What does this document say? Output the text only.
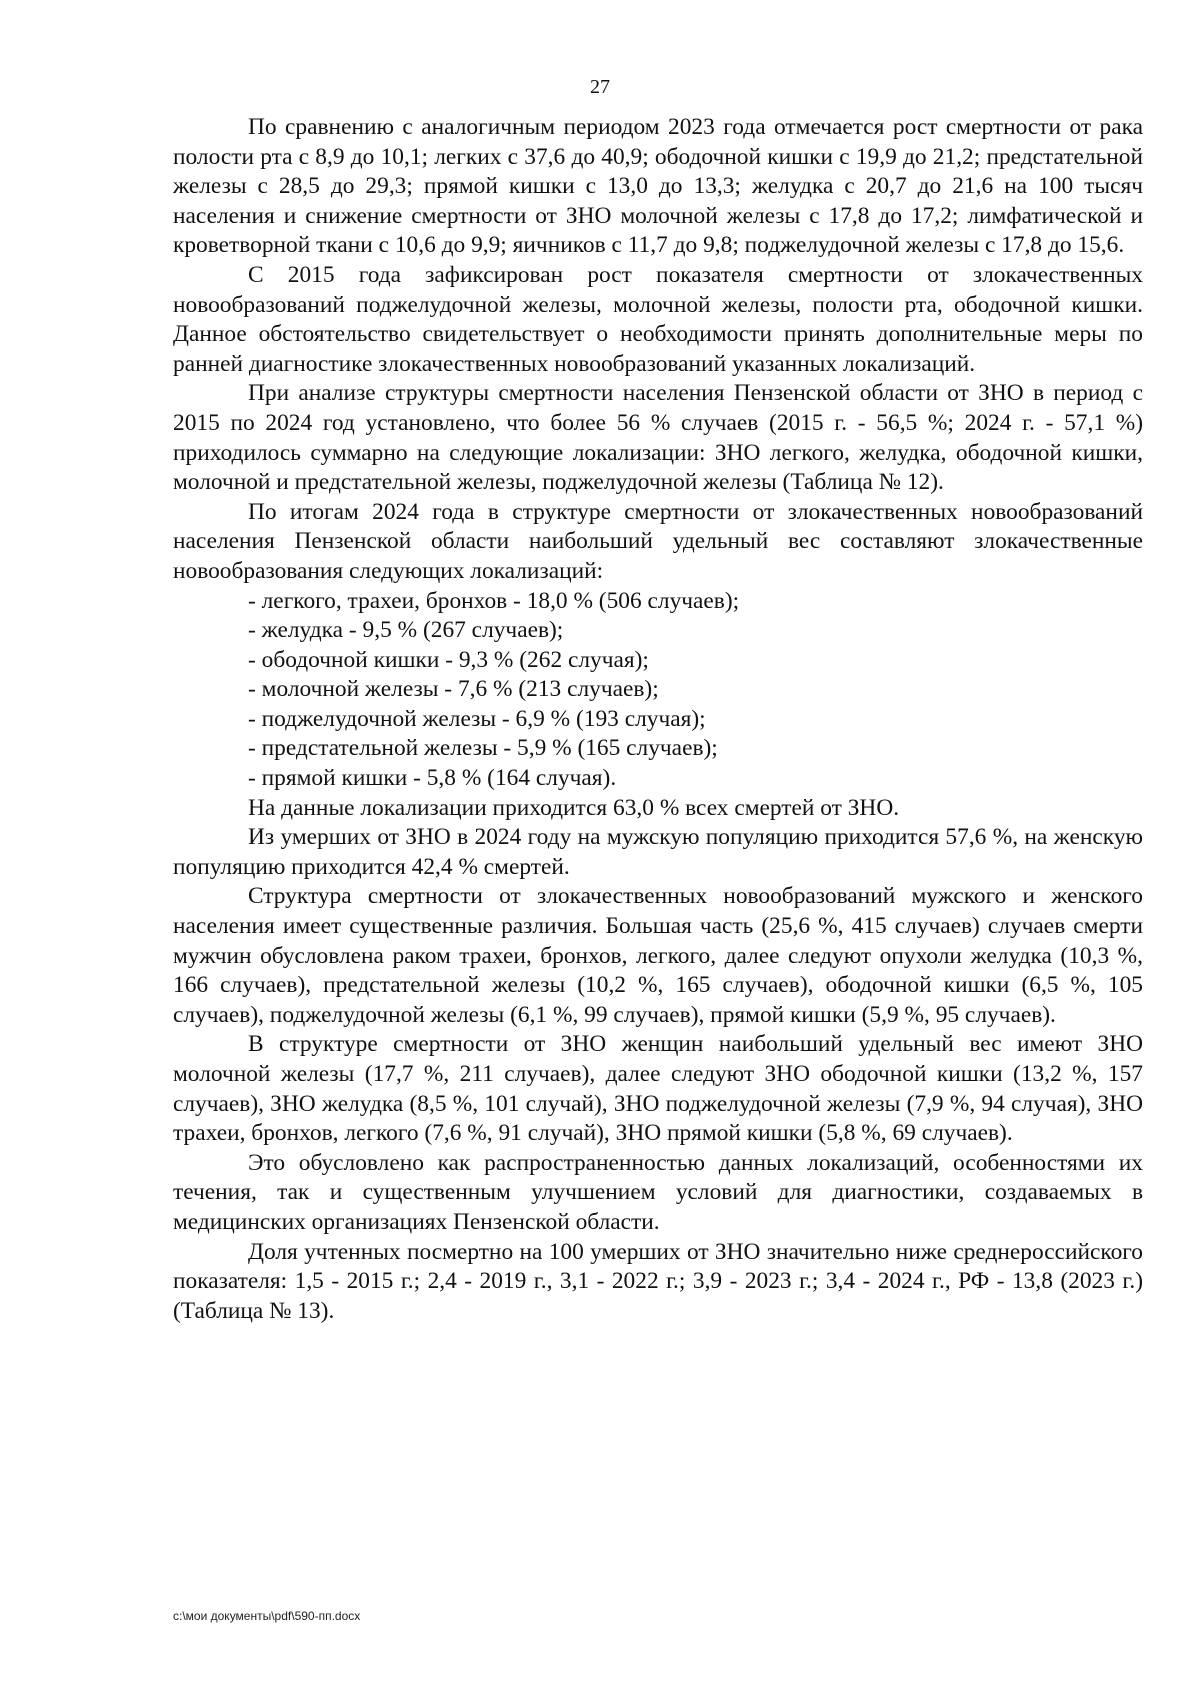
27

По сравнению с аналогичным периодом 2023 года отмечается рост смертности от рака полости рта с 8,9 до 10,1; легких с 37,6 до 40,9; ободочной кишки с 19,9 до 21,2; предстательной железы с 28,5 до 29,3; прямой кишки с 13,0 до 13,3; желудка с 20,7 до 21,6 на 100 тысяч населения и снижение смертности от ЗНО молочной железы с 17,8 до 17,2; лимфатической и кроветворной ткани с 10,6 до 9,9; яичников с 11,7 до 9,8; поджелудочной железы с 17,8 до 15,6.

С 2015 года зафиксирован рост показателя смертности от злокачественных новообразований поджелудочной железы, молочной железы, полости рта, ободочной кишки. Данное обстоятельство свидетельствует о необходимости принять дополнительные меры по ранней диагностике злокачественных новообразований указанных локализаций.

При анализе структуры смертности населения Пензенской области от ЗНО в период с 2015 по 2024 год установлено, что более 56 % случаев (2015 г. - 56,5 %; 2024 г. - 57,1 %) приходилось суммарно на следующие локализации: ЗНО легкого, желудка, ободочной кишки, молочной и предстательной железы, поджелудочной железы (Таблица № 12).

По итогам 2024 года в структуре смертности от злокачественных новообразований населения Пензенской области наибольший удельный вес составляют злокачественные новообразования следующих локализаций:

- легкого, трахеи, бронхов - 18,0 % (506 случаев);
- желудка - 9,5 % (267 случаев);
- ободочной кишки - 9,3 % (262 случая);
- молочной железы - 7,6 % (213 случаев);
- поджелудочной железы - 6,9 % (193 случая);
- предстательной железы - 5,9 % (165 случаев);
- прямой кишки - 5,8 % (164 случая).

На данные локализации приходится 63,0 % всех смертей от ЗНО.

Из умерших от ЗНО в 2024 году на мужскую популяцию приходится 57,6 %, на женскую популяцию приходится 42,4 % смертей.

Структура смертности от злокачественных новообразований мужского и женского населения имеет существенные различия. Большая часть (25,6 %, 415 случаев) случаев смерти мужчин обусловлена раком трахеи, бронхов, легкого, далее следуют опухоли желудка (10,3 %, 166 случаев), предстательной железы (10,2 %, 165 случаев), ободочной кишки (6,5 %, 105 случаев), поджелудочной железы (6,1 %, 99 случаев), прямой кишки (5,9 %, 95 случаев).

В структуре смертности от ЗНО женщин наибольший удельный вес имеют ЗНО молочной железы (17,7 %, 211 случаев), далее следуют ЗНО ободочной кишки (13,2 %, 157 случаев), ЗНО желудка (8,5 %, 101 случай), ЗНО поджелудочной железы (7,9 %, 94 случая), ЗНО трахеи, бронхов, легкого (7,6 %, 91 случай), ЗНО прямой кишки (5,8 %, 69 случаев).

Это обусловлено как распространенностью данных локализаций, особенностями их течения, так и существенным улучшением условий для диагностики, создаваемых в медицинских организациях Пензенской области.

Доля учтенных посмертно на 100 умерших от ЗНО значительно ниже среднероссийского показателя: 1,5 - 2015 г.; 2,4 - 2019 г., 3,1 - 2022 г.; 3,9 - 2023 г.; 3,4 - 2024 г., РФ - 13,8 (2023 г.) (Таблица № 13).

c:\мои документы\pdf\590-пп.docx
